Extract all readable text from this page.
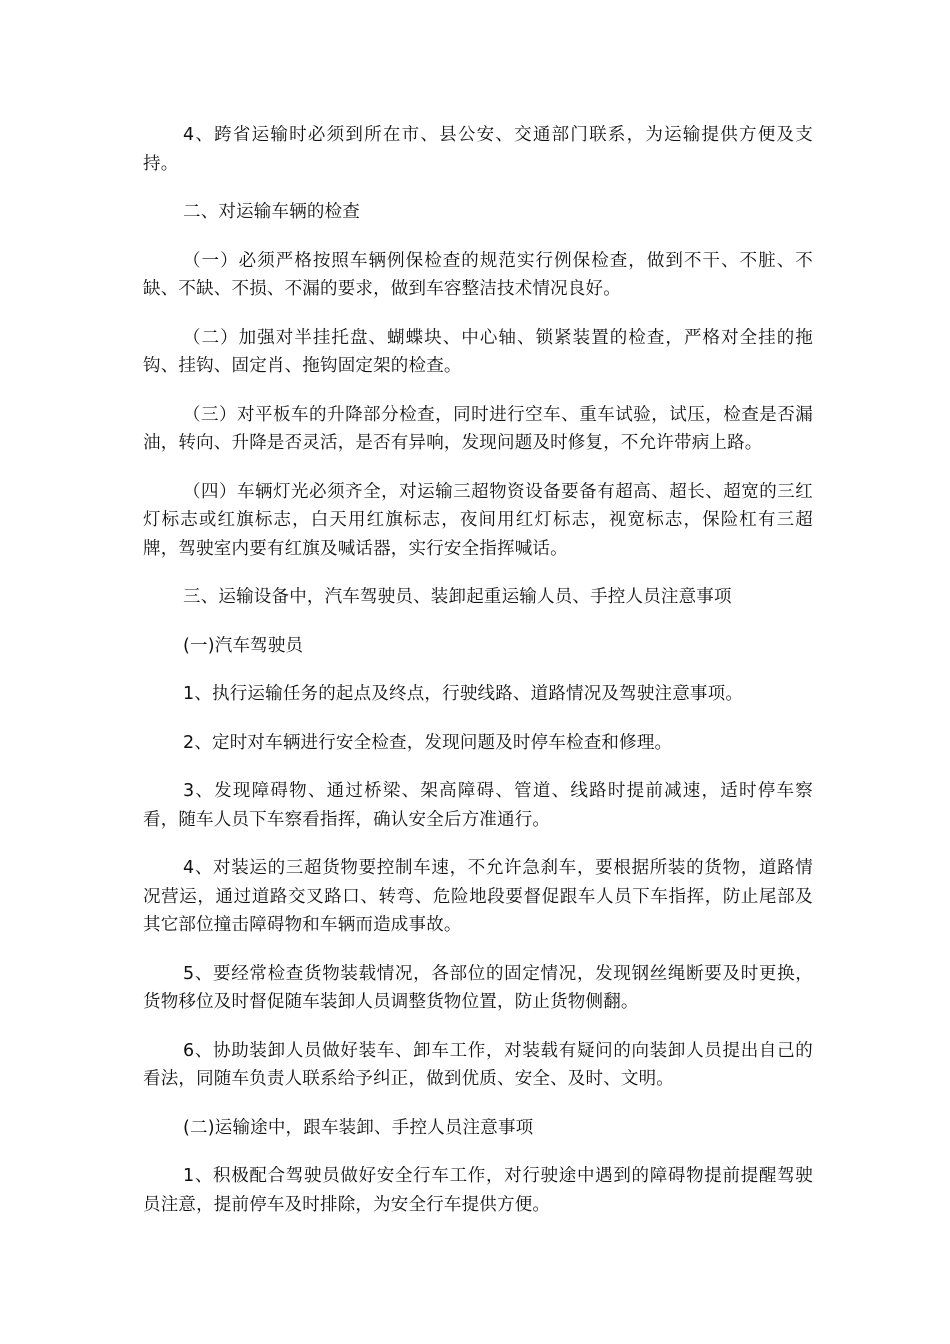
4、跨省运输时必须到所在市、县公安、交通部门联系，为运输提供方便及支持。

二、对运输车辆的检查

（一）必须严格按照车辆例保检查的规范实行例保检查，做到不干、不脏、不缺、不缺、不损、不漏的要求，做到车容整洁技术情况良好。

（二）加强对半挂托盘、蝴蝶块、中心轴、锁紧装置的检查，严格对全挂的拖钩、挂钩、固定肖、拖钩固定架的检查。

（三）对平板车的升降部分检查，同时进行空车、重车试验，试压，检查是否漏油，转向、升降是否灵活，是否有异响，发现问题及时修复，不允许带病上路。

（四）车辆灯光必须齐全，对运输三超物资设备要备有超高、超长、超宽的三红灯标志或红旗标志，白天用红旗标志，夜间用红灯标志，视宽标志，保险杠有三超牌，驾驶室内要有红旗及喊话器，实行安全指挥喊话。

三、运输设备中，汽车驾驶员、装卸起重运输人员、手控人员注意事项

(一)汽车驾驶员

1、执行运输任务的起点及终点，行驶线路、道路情况及驾驶注意事项。

2、定时对车辆进行安全检查，发现问题及时停车检查和修理。

3、发现障碍物、通过桥梁、架高障碍、管道、线路时提前减速，适时停车察看，随车人员下车察看指挥，确认安全后方准通行。

4、对装运的三超货物要控制车速，不允许急刹车，要根据所装的货物，道路情况营运，通过道路交叉路口、转弯、危险地段要督促跟车人员下车指挥，防止尾部及其它部位撞击障碍物和车辆而造成事故。

5、要经常检查货物装载情况，各部位的固定情况，发现钢丝绳断要及时更换，货物移位及时督促随车装卸人员调整货物位置，防止货物侧翻。

6、协助装卸人员做好装车、卸车工作，对装载有疑问的向装卸人员提出自己的看法，同随车负责人联系给予纠正，做到优质、安全、及时、文明。

(二)运输途中，跟车装卸、手控人员注意事项

1、积极配合驾驶员做好安全行车工作，对行驶途中遇到的障碍物提前提醒驾驶员注意，提前停车及时排除，为安全行车提供方便。
